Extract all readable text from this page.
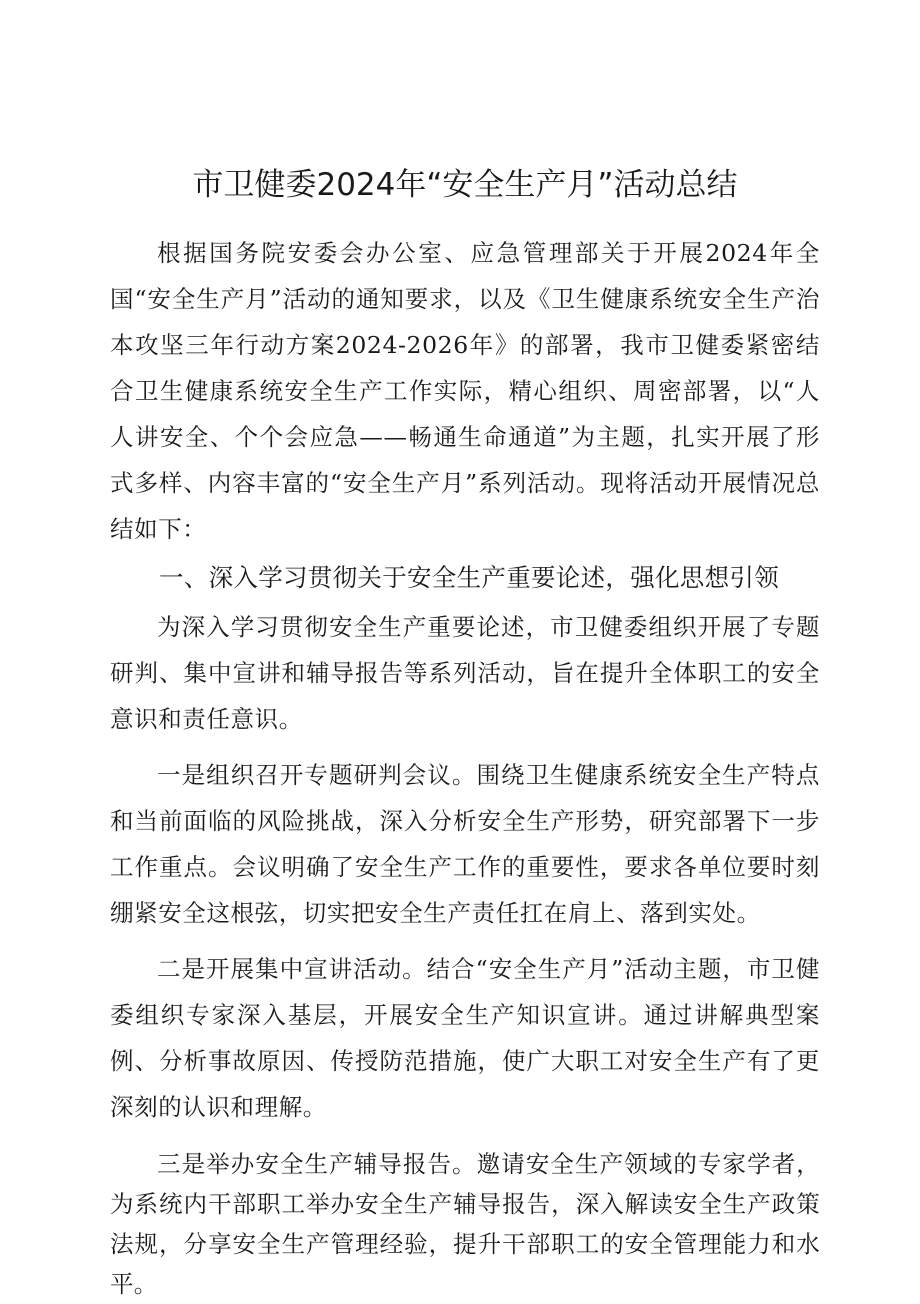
市卫健委2024年“安全生产月”活动总结

根据国务院安委会办公室、应急管理部关于开展2024年全国“安全生产月”活动的通知要求，以及《卫生健康系统安全生产治本攻坚三年行动方案2024-2026年》的部署，我市卫健委紧密结合卫生健康系统安全生产工作实际，精心组织、周密部署，以“人人讲安全、个个会应急——畅通生命通道”为主题，扎实开展了形式多样、内容丰富的“安全生产月”系列活动。现将活动开展情况总结如下：

一、深入学习贯彻关于安全生产重要论述，强化思想引领

为深入学习贯彻安全生产重要论述，市卫健委组织开展了专题研判、集中宣讲和辅导报告等系列活动，旨在提升全体职工的安全意识和责任意识。

一是组织召开专题研判会议。围绕卫生健康系统安全生产特点和当前面临的风险挑战，深入分析安全生产形势，研究部署下一步工作重点。会议明确了安全生产工作的重要性，要求各单位要时刻绷紧安全这根弦，切实把安全生产责任扛在肩上、落到实处。

二是开展集中宣讲活动。结合“安全生产月”活动主题，市卫健委组织专家深入基层，开展安全生产知识宣讲。通过讲解典型案例、分析事故原因、传授防范措施，使广大职工对安全生产有了更深刻的认识和理解。

三是举办安全生产辅导报告。邀请安全生产领域的专家学者，为系统内干部职工举办安全生产辅导报告，深入解读安全生产政策法规，分享安全生产管理经验，提升干部职工的安全管理能力和水平。
